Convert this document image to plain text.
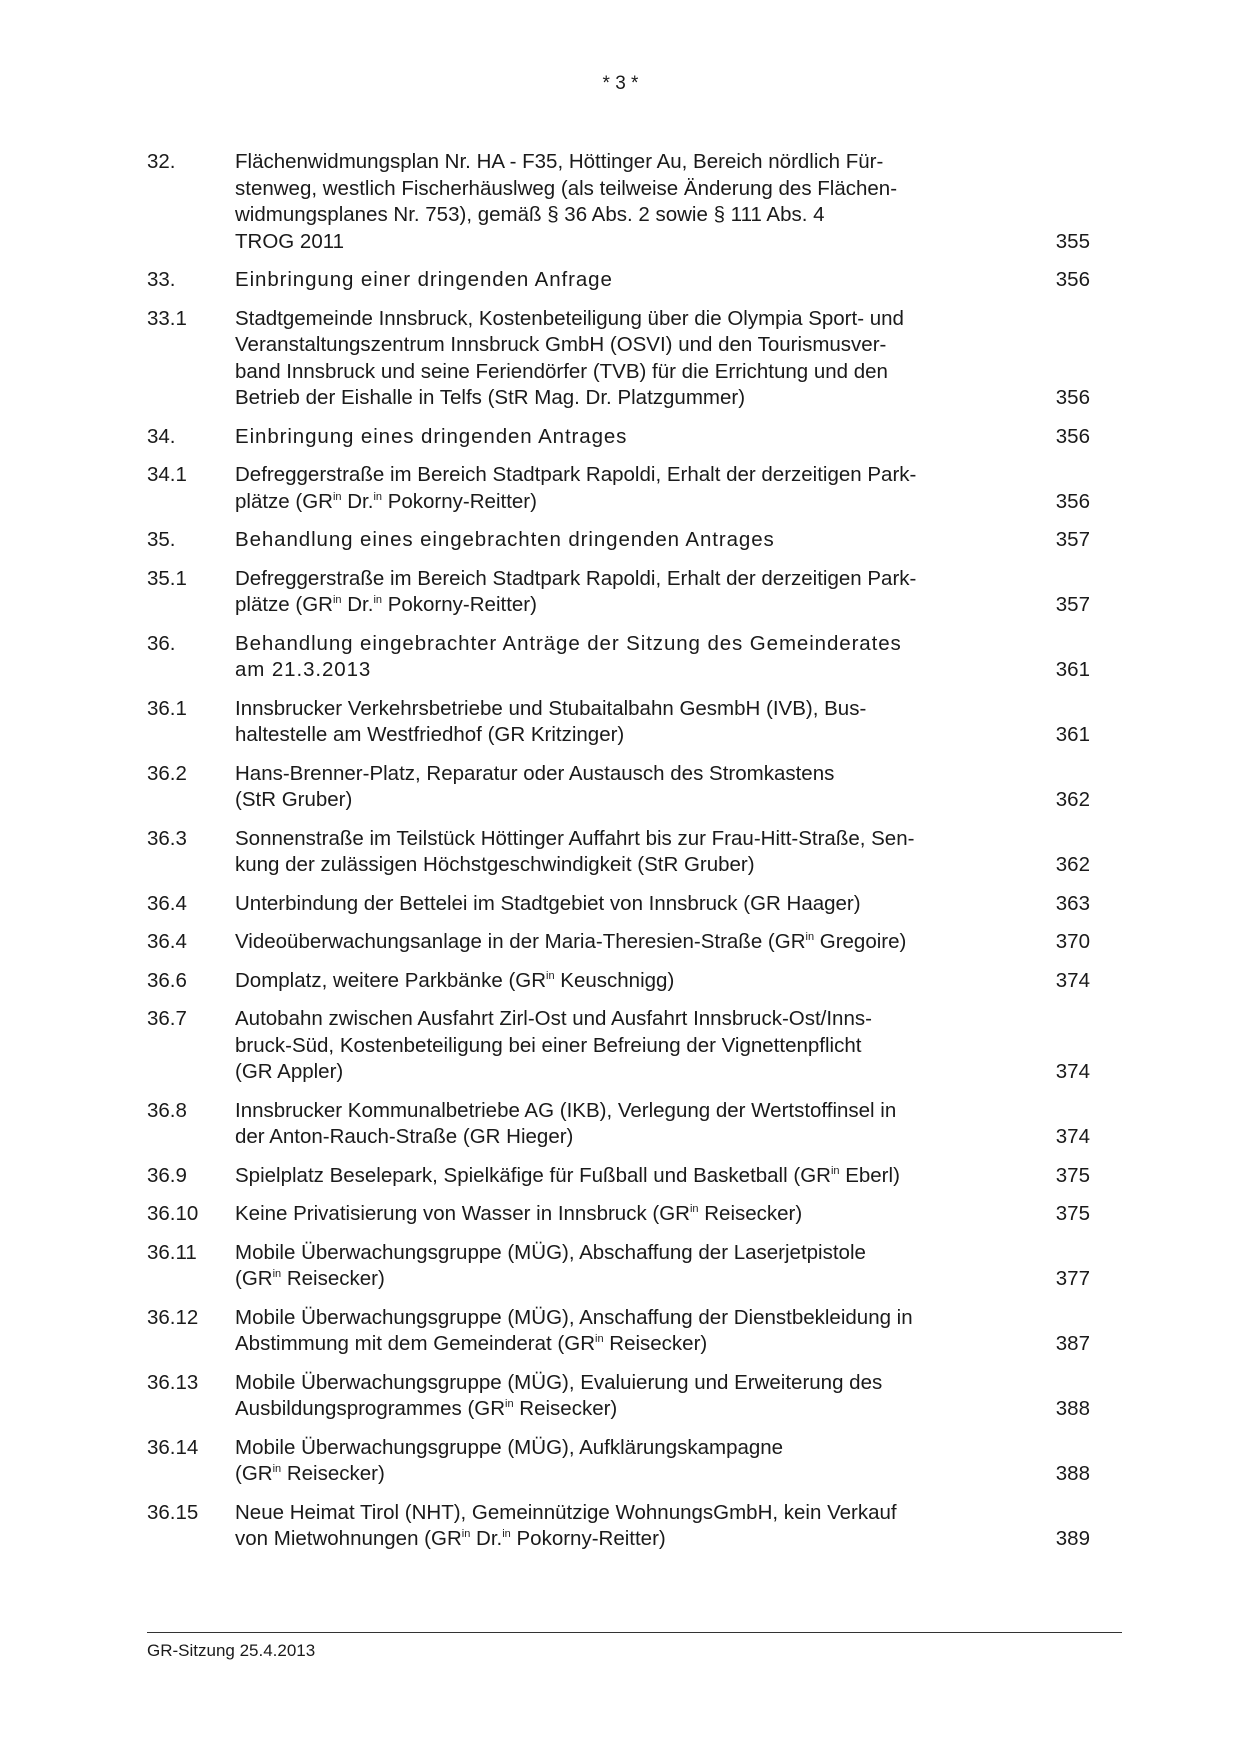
* 3 *
32.	Flächenwidmungsplan Nr. HA - F35, Höttinger Au, Bereich nördlich Für-
stenweg, westlich Fischerhäuslweg (als teilweise Änderung des Flächen-
widmungsplanes Nr. 753), gemäß § 36 Abs. 2 sowie § 111 Abs. 4
TROG 2011	355
33.	Einbringung einer dringenden Anfrage	356
33.1	Stadtgemeinde Innsbruck, Kostenbeteiligung über die Olympia Sport- und
Veranstaltungszentrum Innsbruck GmbH (OSVI) und den Tourismusver-
band Innsbruck und seine Feriendörfer (TVB) für die Errichtung und den
Betrieb der Eishalle in Telfs (StR Mag. Dr. Platzgummer)	356
34.	Einbringung eines dringenden Antrages	356
34.1	Defreggerstraße im Bereich Stadtpark Rapoldi, Erhalt der derzeitigen Park-
plätze ($GR^{in}$ Dr.$^{in}$ Pokorny-Reitter)	356
35.	Behandlung eines eingebrachten dringenden Antrages	357
35.1	Defreggerstraße im Bereich Stadtpark Rapoldi, Erhalt der derzeitigen Park-
plätze ($GR^{in}$ Dr.$^{in}$ Pokorny-Reitter)	357
36.	Behandlung eingebrachter Anträge der Sitzung des Gemeinderates
am 21.3.2013	361
36.1	Innsbrucker Verkehrsbetriebe und Stubaitalbahn GesmbH (IVB), Bus-
haltestelle am Westfriedhof (GR Kritzinger)	361
36.2	Hans-Brenner-Platz, Reparatur oder Austausch des Stromkastens
(StR Gruber)	362
36.3	Sonnenstraße im Teilstück Höttinger Auffahrt bis zur Frau-Hitt-Straße, Sen-
kung der zulässigen Höchstgeschwindigkeit (StR Gruber)	362
36.4	Unterbindung der Bettelei im Stadtgebiet von Innsbruck (GR Haager)	363
36.4	Videoüberwachungsanlage in der Maria-Theresien-Straße ($GR^{in}$ Gregoire)	370
36.6	Domplatz, weitere Parkbänke ($GR^{in}$ Keuschnigg)	374
36.7	Autobahn zwischen Ausfahrt Zirl-Ost und Ausfahrt Innsbruck-Ost/Inns-
bruck-Süd, Kostenbeteiligung bei einer Befreiung der Vignettenpflicht
(GR Appler)	374
36.8	Innsbrucker Kommunalbetriebe AG (IKB), Verlegung der Wertstoffinsel in
der Anton-Rauch-Straße (GR Hieger)	374
36.9	Spielplatz Beselepark, Spielkäfige für Fußball und Basketball ($GR^{in}$ Eberl)	375
36.10	Keine Privatisierung von Wasser in Innsbruck ($GR^{in}$ Reisecker)	375
36.11	Mobile Überwachungsgruppe (MÜG), Abschaffung der Laserjetpistole
($GR^{in}$ Reisecker)	377
36.12	Mobile Überwachungsgruppe (MÜG), Anschaffung der Dienstbekleidung in
Abstimmung mit dem Gemeinderat ($GR^{in}$ Reisecker)	387
36.13	Mobile Überwachungsgruppe (MÜG), Evaluierung und Erweiterung des
Ausbildungsprogrammes ($GR^{in}$ Reisecker)	388
36.14	Mobile Überwachungsgruppe (MÜG), Aufklärungskampagne
($GR^{in}$ Reisecker)	388
36.15	Neue Heimat Tirol (NHT), Gemeinnützige WohnungsGmbH, kein Verkauf
von Mietwohnungen ($GR^{in}$ Dr.$^{in}$ Pokorny-Reitter)	389
GR-Sitzung 25.4.2013
